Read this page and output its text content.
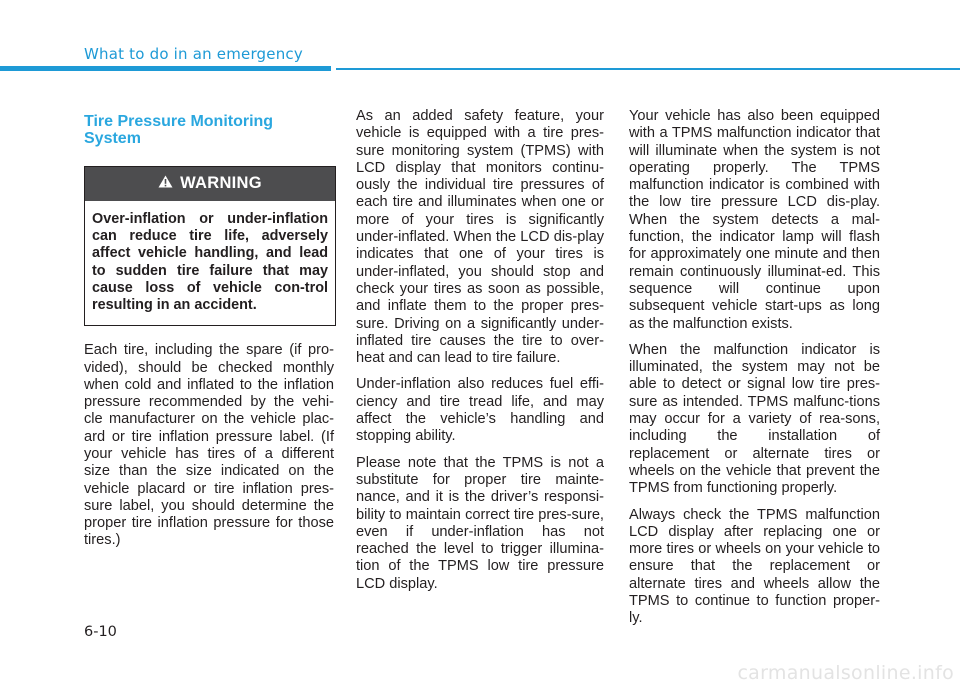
What to do in an emergency
Tire Pressure Monitoring System
WARNING
Over-inflation or under-inflation can reduce tire life, adversely affect vehicle handling, and lead to sudden tire failure that may cause loss of vehicle con-trol resulting in an accident.

Each tire, including the spare (if pro-vided), should be checked monthly when cold and inflated to the inflation pressure recommended by the vehi-cle manufacturer on the vehicle plac-ard or tire inflation pressure label. (If your vehicle has tires of a different size than the size indicated on the vehicle placard or tire inflation pres-sure label, you should determine the proper tire inflation pressure for those tires.)

As an added safety feature, your vehicle is equipped with a tire pres-sure monitoring system (TPMS) with LCD display that monitors continu-ously the individual tire pressures of each tire and illuminates when one or more of your tires is significantly under-inflated. When the LCD dis-play indicates that one of your tires is under-inflated, you should stop and check your tires as soon as possible, and inflate them to the proper pres-sure. Driving on a significantly under-inflated tire causes the tire to over-heat and can lead to tire failure.

Under-inflation also reduces fuel effi-ciency and tire tread life, and may affect the vehicle’s handling and stopping ability.

Please note that the TPMS is not a substitute for proper tire mainte-nance, and it is the driver’s responsi-bility to maintain correct tire pres-sure, even if under-inflation has not reached the level to trigger illumina-tion of the TPMS low tire pressure LCD display.

Your vehicle has also been equipped with a TPMS malfunction indicator that will illuminate when the system is not operating properly. The TPMS malfunction indicator is combined with the low tire pressure LCD dis-play. When the system detects a mal-function, the indicator lamp will flash for approximately one minute and then remain continuously illuminat-ed. This sequence will continue upon subsequent vehicle start-ups as long as the malfunction exists.

When the malfunction indicator is illuminated, the system may not be able to detect or signal low tire pres-sure as intended. TPMS malfunc-tions may occur for a variety of rea-sons, including the installation of replacement or alternate tires or wheels on the vehicle that prevent the TPMS from functioning properly.

Always check the TPMS malfunction LCD display after replacing one or more tires or wheels on your vehicle to ensure that the replacement or alternate tires and wheels allow the TPMS to continue to function proper-ly.

6-10
carmanualsonline.info
